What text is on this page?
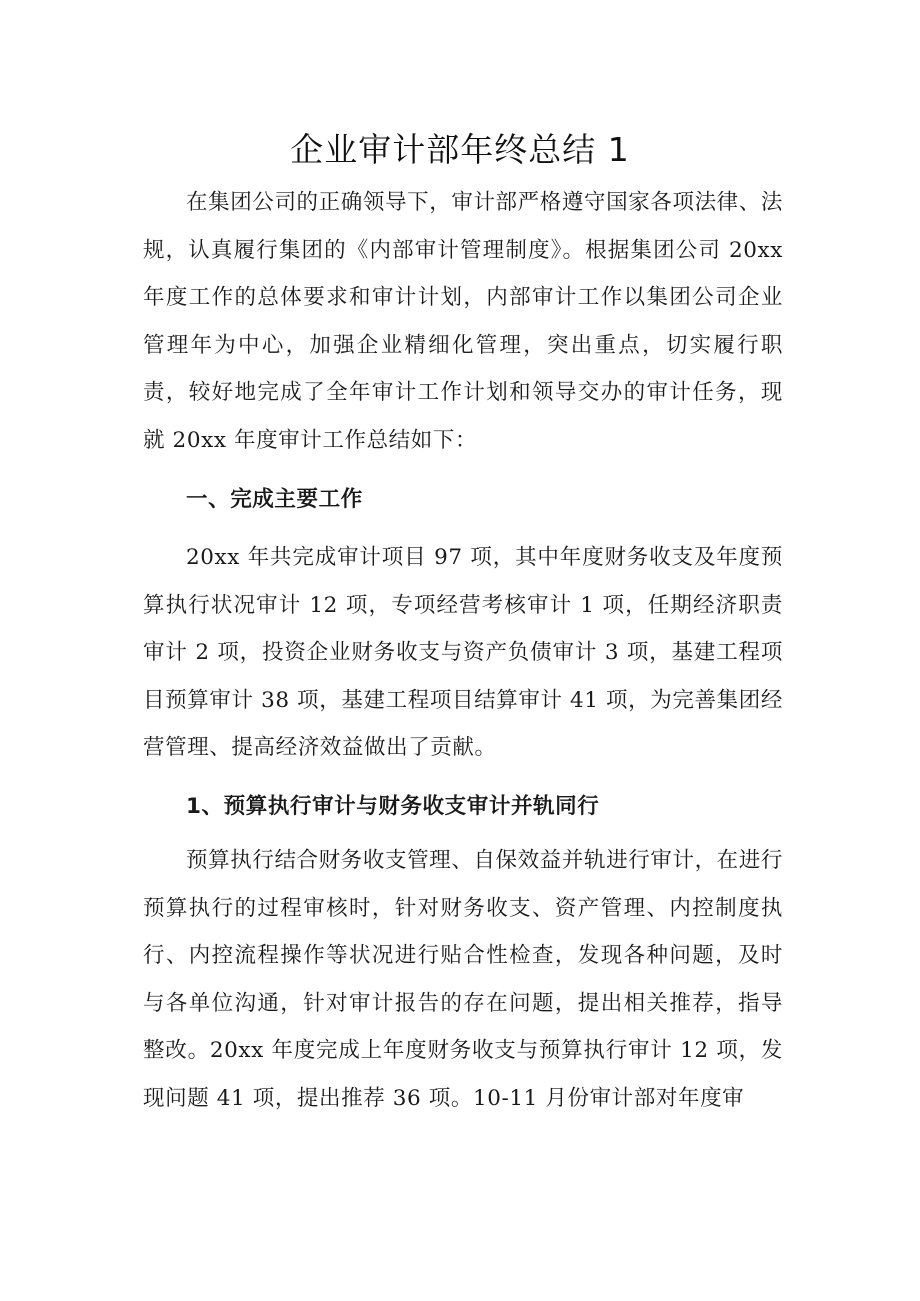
企业审计部年终总结 1

在集团公司的正确领导下，审计部严格遵守国家各项法律、法规，认真履行集团的《内部审计管理制度》。根据集团公司 20xx 年度工作的总体要求和审计计划，内部审计工作以集团公司企业管理年为中心，加强企业精细化管理，突出重点，切实履行职责，较好地完成了全年审计工作计划和领导交办的审计任务，现就 20xx 年度审计工作总结如下：

一、完成主要工作

20xx 年共完成审计项目 97 项，其中年度财务收支及年度预算执行状况审计 12 项，专项经营考核审计 1 项，任期经济职责审计 2 项，投资企业财务收支与资产负债审计 3 项，基建工程项目预算审计 38 项，基建工程项目结算审计 41 项，为完善集团经营管理、提高经济效益做出了贡献。

1、预算执行审计与财务收支审计并轨同行

预算执行结合财务收支管理、自保效益并轨进行审计，在进行预算执行的过程审核时，针对财务收支、资产管理、内控制度执行、内控流程操作等状况进行贴合性检查，发现各种问题，及时与各单位沟通，针对审计报告的存在问题，提出相关推荐，指导整改。20xx 年度完成上年度财务收支与预算执行审计 12 项，发现问题 41 项，提出推荐 36 项。10-11 月份审计部对年度审
